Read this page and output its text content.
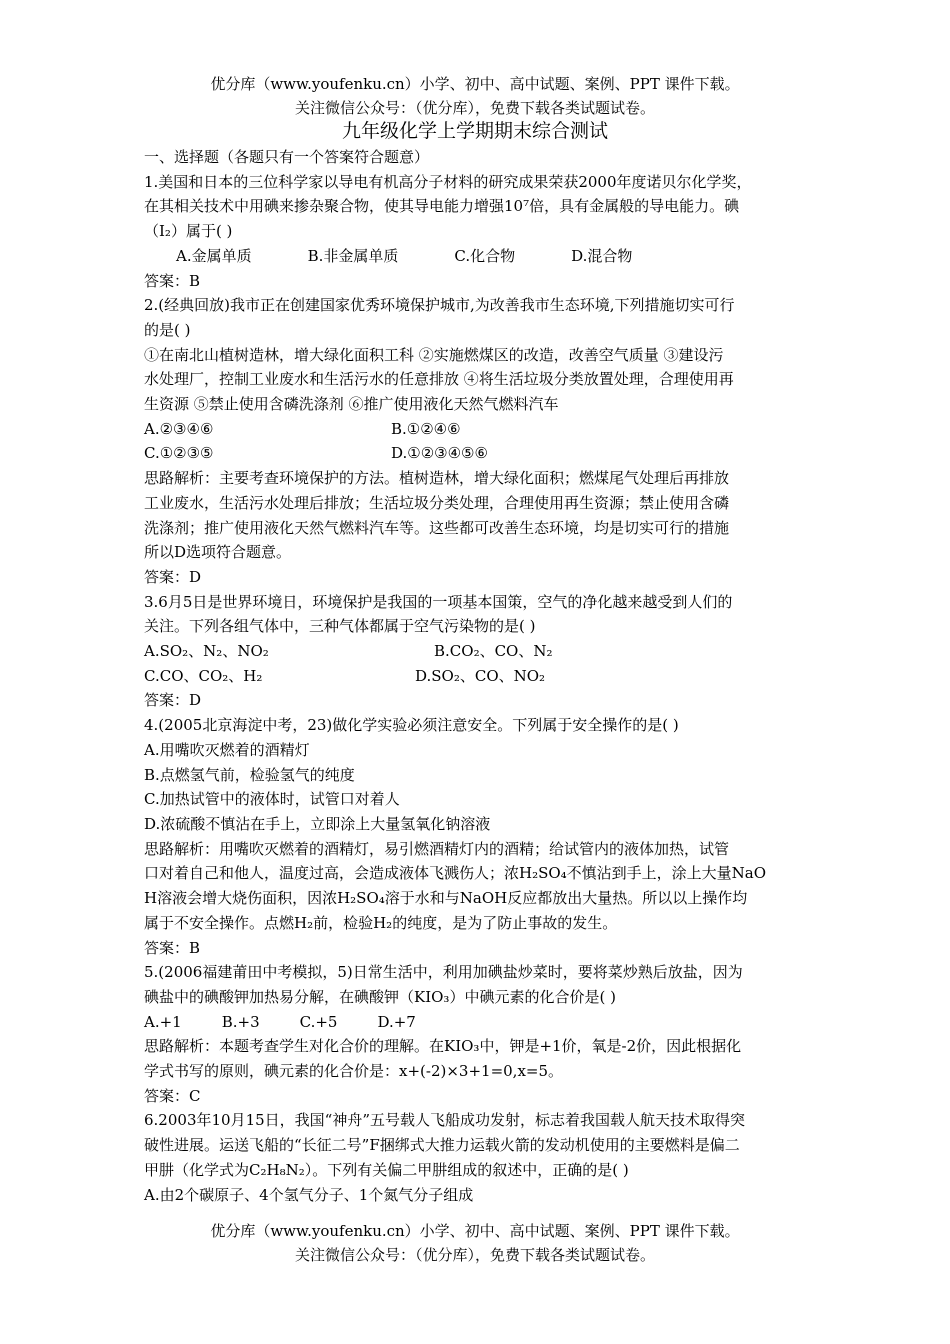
优分库（www.youfenku.cn）小学、初中、高中试题、案例、PPT 课件下载。
关注微信公众号：（优分库），免费下载各类试题试卷。
九年级化学上学期期末综合测试

一、选择题（各题只有一个答案符合题意）

1.美国和日本的三位科学家以导电有机高分子材料的研究成果荣获2000年度诺贝尔化学奖，

在其相关技术中用碘来掺杂聚合物，使其导电能力增强10⁷倍，具有金属般的导电能力。碘

（I₂）属于( )

A.金属单质	B.非金属单质	C.化合物	D.混合物

答案：B

2.(经典回放)我市正在创建国家优秀环境保护城市,为改善我市生态环境,下列措施切实可行

的是( )

①在南北山植树造林，增大绿化面积工科 ②实施燃煤区的改造，改善空气质量 ③建设污

水处理厂，控制工业废水和生活污水的任意排放 ④将生活垃圾分类放置处理，合理使用再

生资源 ⑤禁止使用含磷洗涤剂 ⑥推广使用液化天然气燃料汽车

A.②③④⑥	B.①②④⑥
C.①②③⑤	D.①②③④⑤⑥

思路解析：主要考查环境保护的方法。植树造林，增大绿化面积；燃煤尾气处理后再排放

工业废水，生活污水处理后排放；生活垃圾分类处理，合理使用再生资源；禁止使用含磷

洗涤剂；推广使用液化天然气燃料汽车等。这些都可改善生态环境，均是切实可行的措施

所以D选项符合题意。

答案：D

3.6月5日是世界环境日，环境保护是我国的一项基本国策，空气的净化越来越受到人们的

关注。下列各组气体中，三种气体都属于空气污染物的是( )

A.SO₂、N₂、NO₂	B.CO₂、CO、N₂
C.CO、CO₂、H₂	D.SO₂、CO、NO₂

答案：D

4.(2005北京海淀中考，23)做化学实验必须注意安全。下列属于安全操作的是( )

A.用嘴吹灭燃着的酒精灯

B.点燃氢气前，检验氢气的纯度

C.加热试管中的液体时，试管口对着人

D.浓硫酸不慎沾在手上，立即涂上大量氢氧化钠溶液

思路解析：用嘴吹灭燃着的酒精灯，易引燃酒精灯内的酒精；给试管内的液体加热，试管

口对着自己和他人，温度过高，会造成液体飞溅伤人；浓H₂SO₄不慎沾到手上，涂上大量NaO

H溶液会增大烧伤面积，因浓H₂SO₄溶于水和与NaOH反应都放出大量热。所以以上操作均

属于不安全操作。点燃H₂前，检验H₂的纯度，是为了防止事故的发生。

答案：B

5.(2006福建莆田中考模拟，5)日常生活中，利用加碘盐炒菜时，要将菜炒熟后放盐，因为

碘盐中的碘酸钾加热易分解，在碘酸钾（KIO₃）中碘元素的化合价是( )

A.+1	B.+3	C.+5	D.+7

思路解析：本题考查学生对化合价的理解。在KIO₃中，钾是+1价，氧是-2价，因此根据化

学式书写的原则，碘元素的化合价是：x+(-2)×3+1=0,x=5。

答案：C

6.2003年10月15日，我国“神舟”五号载人飞船成功发射，标志着我国载人航天技术取得突

破性进展。运送飞船的“长征二号”F捆绑式大推力运载火箭的发动机使用的主要燃料是偏二

甲肼（化学式为C₂H₈N₂）。下列有关偏二甲肼组成的叙述中，正确的是( )

A.由2个碳原子、4个氢气分子、1个氮气分子组成

优分库（www.youfenku.cn）小学、初中、高中试题、案例、PPT 课件下载。
关注微信公众号：（优分库），免费下载各类试题试卷。
